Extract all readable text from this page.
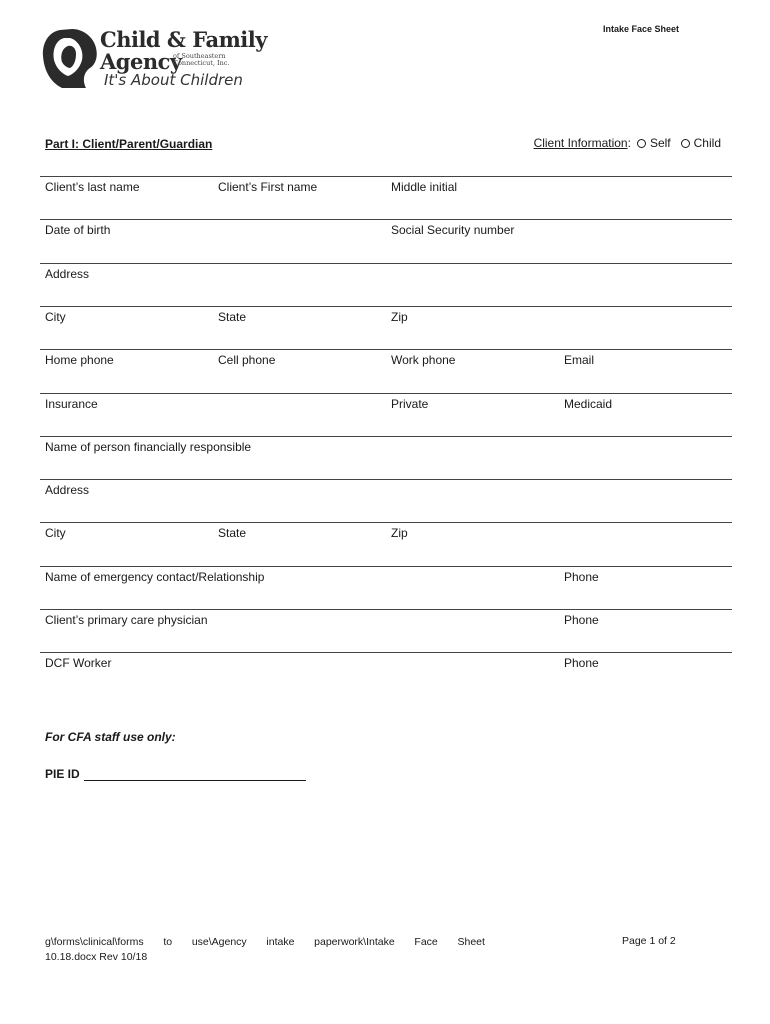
Intake Face Sheet
Child & Family
Agency
of Southeastern
Connecticut, Inc.
It's About Children
Part I: Client/Parent/Guardian	Client Information : Self Child
Client’s last name	Client’s First name	Middle initial
Date of birth	Social Security number
Address
City	State	Zip
Home phone	Cell phone	Work phone	Email
Insurance	Private	Medicaid
Name of person financially responsible
Address
City	State	Zip
Name of emergency contact/Relationship	Phone
Client’s primary care physician	Phone
DCF Worker	Phone
For CFA staff use only:
PIE ID
g\forms\clinical\forms to use\Agency intake paperwork\Intake Face Sheet
10.18.docx Rev 10/18
Page 1 of 2
